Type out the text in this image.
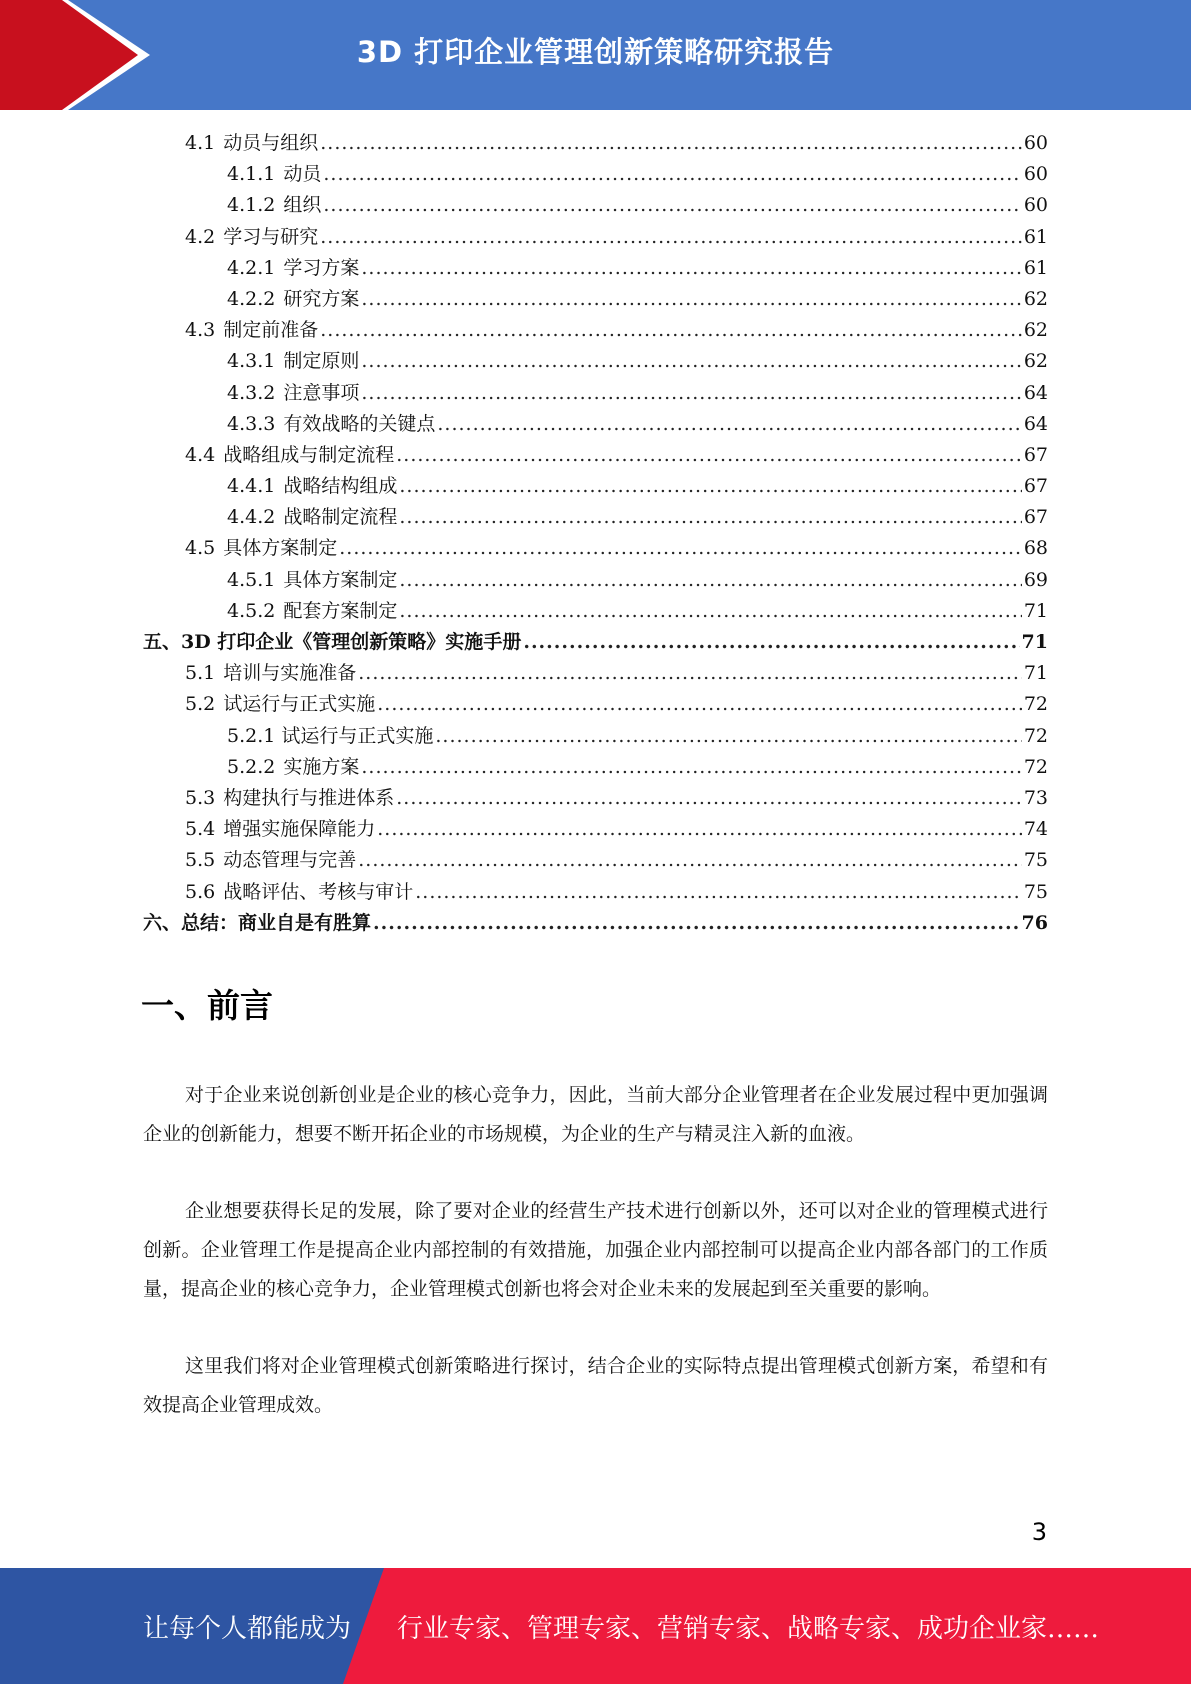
3D 打印企业管理创新策略研究报告
4.1 动员与组织 .....	60
4.1.1 动员 .....	60
4.1.2 组织 .....	60
4.2 学习与研究 .....	61
4.2.1 学习方案 .....	61
4.2.2 研究方案 .....	62
4.3 制定前准备 .....	62
4.3.1 制定原则 .....	62
4.3.2 注意事项 .....	64
4.3.3 有效战略的关键点 .....	64
4.4 战略组成与制定流程 .....	67
4.4.1 战略结构组成 .....	67
4.4.2 战略制定流程 .....	67
4.5 具体方案制定 .....	68
4.5.1 具体方案制定 .....	69
4.5.2 配套方案制定 .....	71
五、3D 打印企业《管理创新策略》实施手册 .....	71
5.1 培训与实施准备 .....	71
5.2 试运行与正式实施 .....	72
5.2.1 试运行与正式实施 .....	72
5.2.2 实施方案 .....	72
5.3 构建执行与推进体系 .....	73
5.4 增强实施保障能力 .....	74
5.5 动态管理与完善 .....	75
5.6 战略评估、考核与审计 .....	75
六、总结：商业自是有胜算 .....	76
一、前言

对于企业来说创新创业是企业的核心竞争力，因此，当前大部分企业管理者在企业发展过程中更加强调企业的创新能力，想要不断开拓企业的市场规模，为企业的生产与精灵注入新的血液。

企业想要获得长足的发展，除了要对企业的经营生产技术进行创新以外，还可以对企业的管理模式进行创新。企业管理工作是提高企业内部控制的有效措施，加强企业内部控制可以提高企业内部各部门的工作质量，提高企业的核心竞争力，企业管理模式创新也将会对企业未来的发展起到至关重要的影响。

这里我们将对企业管理模式创新策略进行探讨，结合企业的实际特点提出管理模式创新方案，希望和有效提高企业管理成效。

3
让每个人都能成为 行业专家、管理专家、营销专家、战略专家、成功企业家……
